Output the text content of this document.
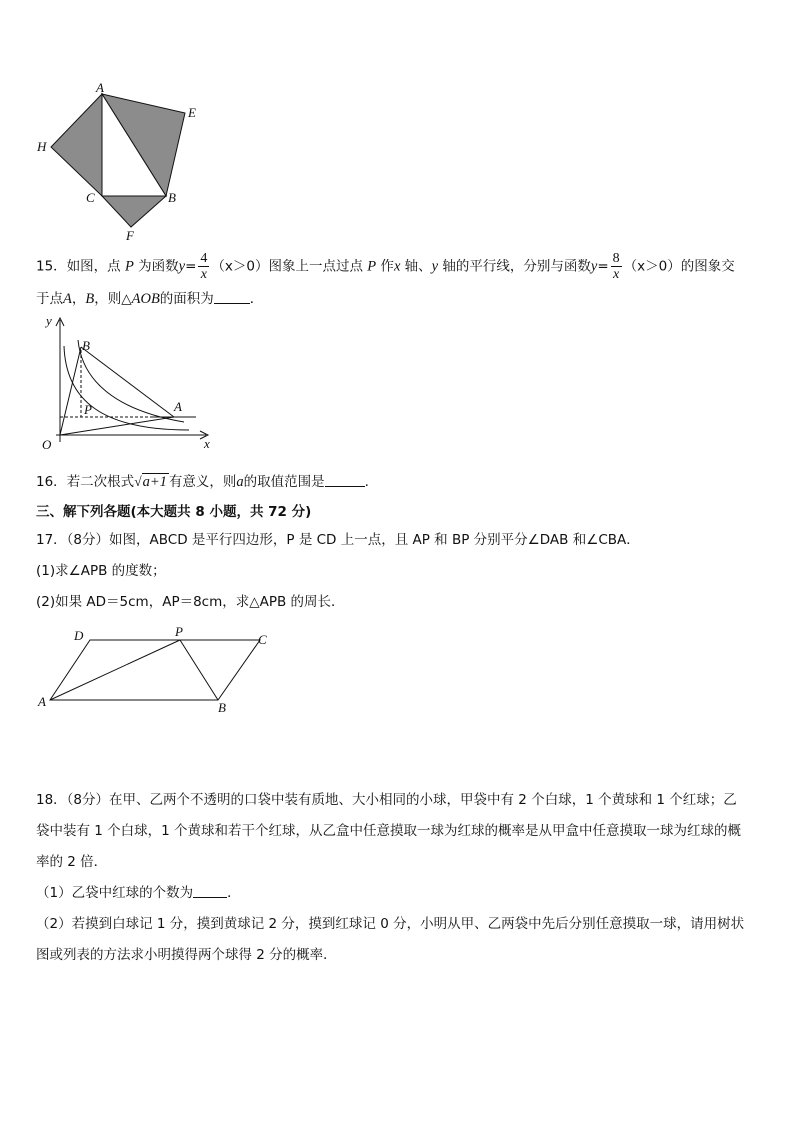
A
E
H
C	B
F
15．如图，点 P 为函数$y= \frac{4}{x} (x>0)$图象上一点过点 P 作x 轴、y 轴的平行线，分别与函数$y= \frac{8}{x} (x>0)$的图象交
于点A，B，则△AOB的面积为	．
y
B
P	A
O	x
16．若二次根式√a+1 有意义，则a的取值范围是	.
三、解下列各题(本大题共 8 小题，共 72 分)
17．（8分）如图，ABCD 是平行四边形，P 是 CD 上一点，且 AP 和 BP 分别平分∠DAB 和∠CBA．
(1)求∠APB 的度数；
(2)如果 AD＝5cm，AP＝8cm，求△APB 的周长．
D	P
C
A	B
18．（8分）在甲、乙两个不透明的口袋中装有质地、大小相同的小球，甲袋中有 2 个白球，1 个黄球和 1 个红球；乙
袋中装有 1 个白球，1 个黄球和若干个红球，从乙盒中任意摸取一球为红球的概率是从甲盒中任意摸取一球为红球的概
率的 2 倍．
（1）乙袋中红球的个数为	．
（2）若摸到白球记 1 分，摸到黄球记 2 分，摸到红球记 0 分，小明从甲、乙两袋中先后分别任意摸取一球，请用树状
图或列表的方法求小明摸得两个球得 2 分的概率．
